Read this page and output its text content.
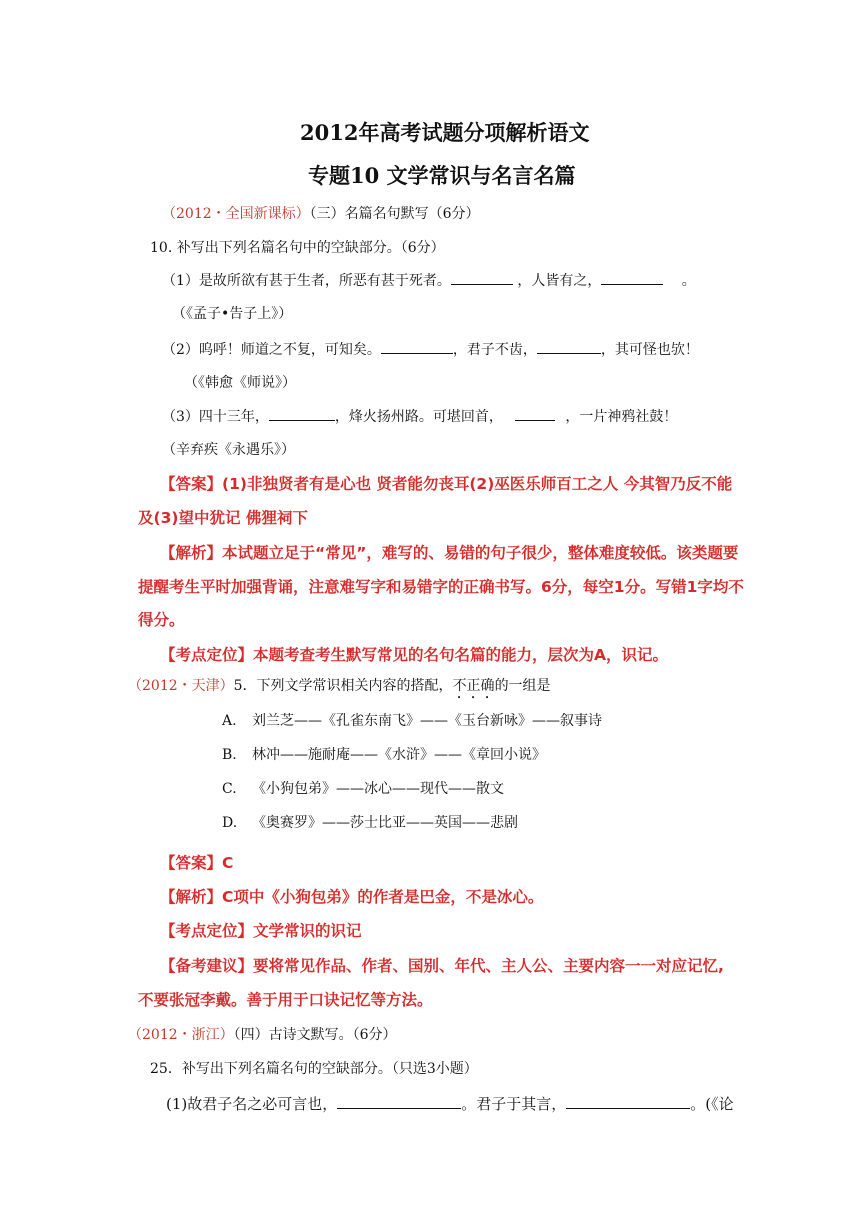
2012年高考试题分项解析语文
专题10 文学常识与名言名篇
（2012・全国新课标）（三）名篇名句默写（6分）
10. 补写出下列名篇名句中的空缺部分。（6分）
（1）是故所欲有甚于生者，所恶有甚于死者。	，人皆有之，	。
（《孟子•告子上》）
（2）呜呼！师道之不复，可知矣。	，君子不齿，	，其可怪也欤！
（《韩愈《师说》）
（3）四十三年，	，烽火扬州路。可堪回首，	，一片神鸦社鼓！
（辛弃疾《永遇乐》）
【答案】(1)非独贤者有是心也 贤者能勿丧耳(2)巫医乐师百工之人 今其智乃反不能
及(3)望中犹记 佛狸祠下
【解析】本试题立足于“常见”，难写的、易错的句子很少，整体难度较低。该类题要
提醒考生平时加强背诵，注意难写字和易错字的正确书写。6分，每空1分。写错1字均不
得分。
【考点定位】本题考查考生默写常见的名句名篇的能力，层次为A，识记。
（2012・天津）5．下列文学常识相关内容的搭配，不正确的一组是
A. 刘兰芝——《孔雀东南飞》——《玉台新咏》——叙事诗
B. 林冲——施耐庵——《水浒》——《章回小说》
C. 《小狗包弟》——冰心——现代——散文
D. 《奥赛罗》——莎士比亚——英国——悲剧
【答案】C
【解析】C项中《小狗包弟》的作者是巴金，不是冰心。
【考点定位】文学常识的识记
【备考建议】要将常见作品、作者、国别、年代、主人公、主要内容一一对应记忆,
不要张冠李戴。善于用于口诀记忆等方法。
（2012・浙江）（四）古诗文默写。（6分）
25．补写出下列名篇名句的空缺部分。（只选3小题）
(1)故君子名之必可言也，	。君子于其言，	。(《论
